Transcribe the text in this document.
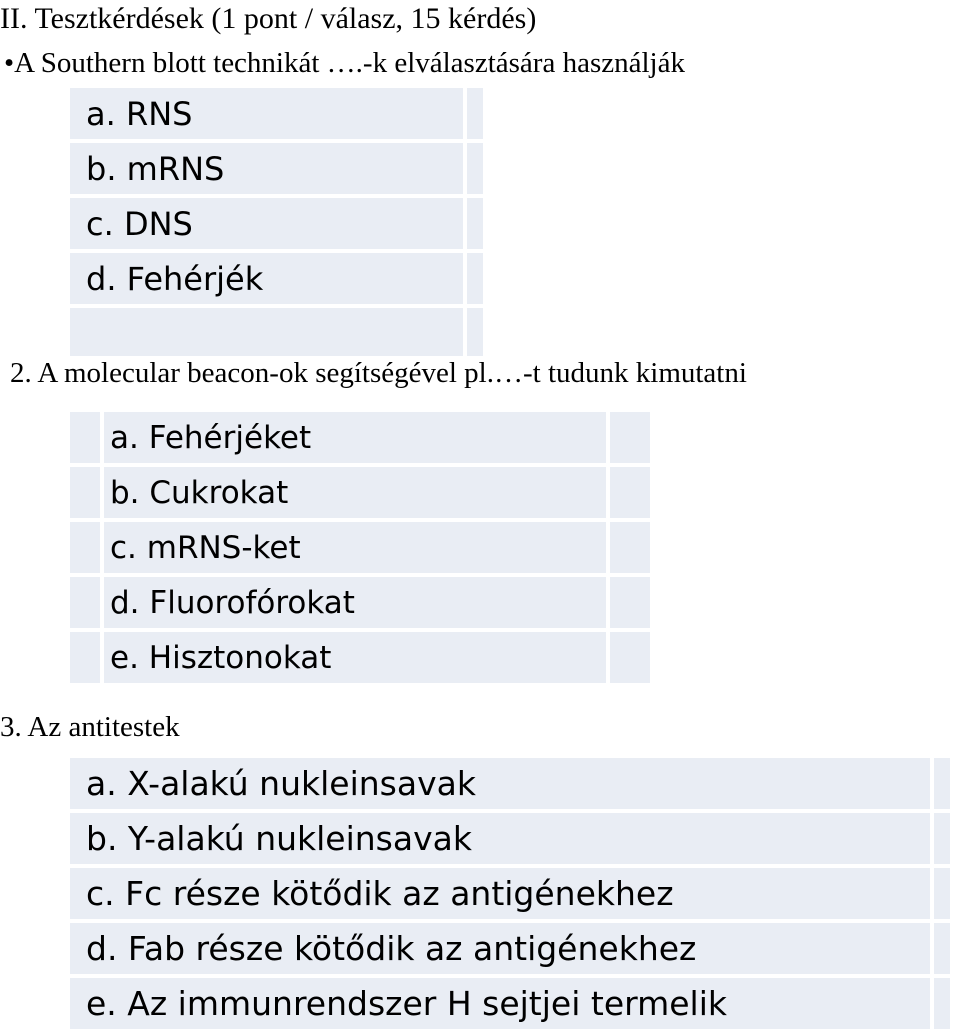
II. Tesztkérdések (1 pont / válasz, 15 kérdés)
•A Southern blott technikát ….-k elválasztására használják
a. RNS	
b. mRNS	
c. DNS	
d. Fehérjék	

2. A molecular beacon-ok segítségével pl.…-t tudunk kimutatni
	a. Fehérjéket	
	b. Cukrokat	
	c. mRNS-ket	
	d. Fluorofórokat	
	e. Hisztonokat	
3. Az antitestek
a. X-alakú nukleinsavak	
b. Y-alakú nukleinsavak	
c. Fc része kötődik az antigénekhez	
d. Fab része kötődik az antigénekhez	
e. Az immunrendszer H sejtjei termelik	
